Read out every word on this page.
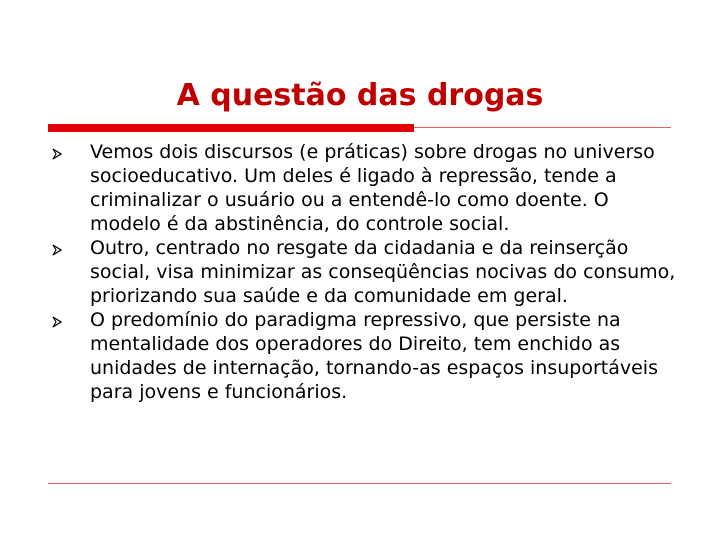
A questão das drogas
Vemos dois discursos (e práticas) sobre drogas no universo socioeducativo. Um deles é ligado à repressão, tende a criminalizar o usuário ou a entendê-lo como doente. O modelo é da abstinência, do controle social.
Outro, centrado no resgate da cidadania e da reinserção social, visa minimizar as conseqüências nocivas do consumo, priorizando sua saúde e da comunidade em geral.
O predomínio do paradigma repressivo, que persiste na mentalidade dos operadores do Direito, tem enchido as unidades de internação, tornando-as espaços insuportáveis para jovens e funcionários.
